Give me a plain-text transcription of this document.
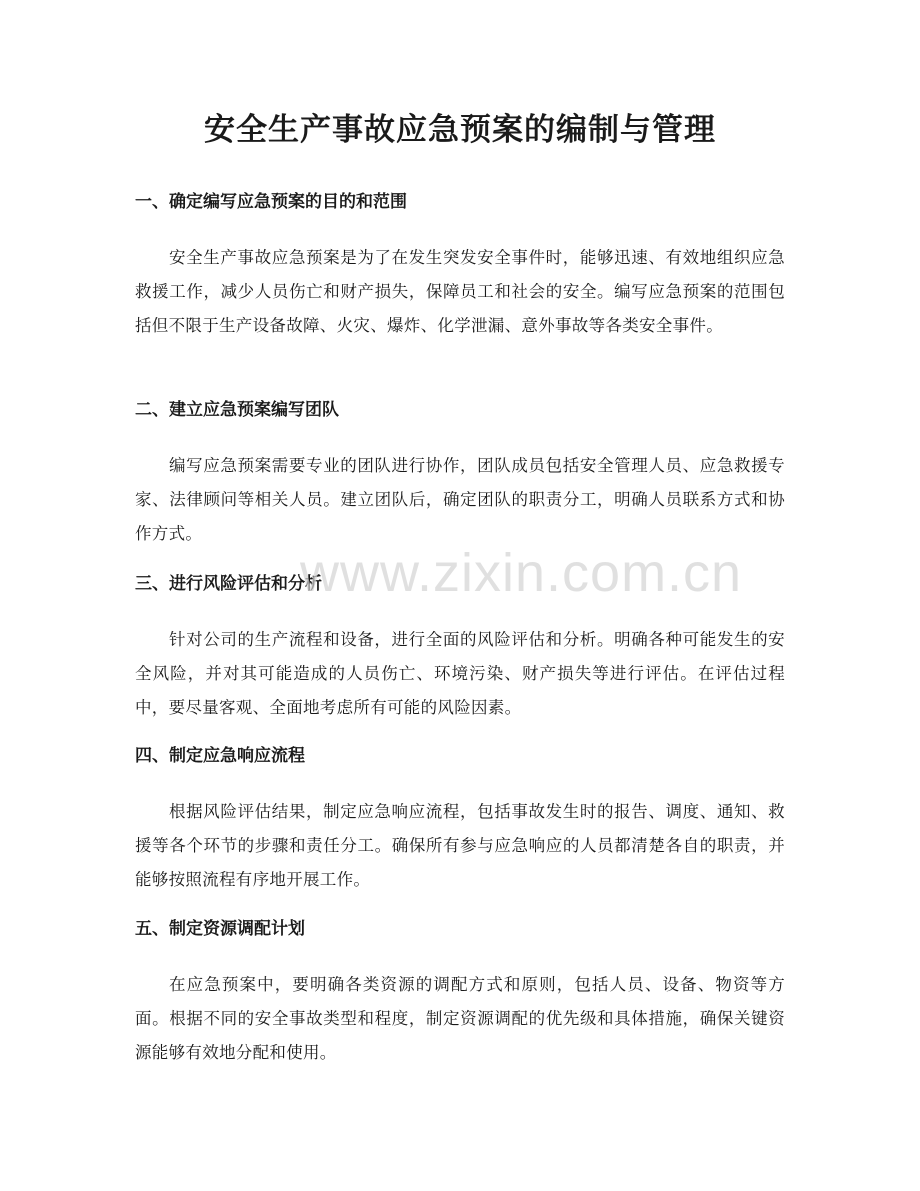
安全生产事故应急预案的编制与管理
一、确定编写应急预案的目的和范围

安全生产事故应急预案是为了在发生突发安全事件时，能够迅速、有效地组织应急救援工作，减少人员伤亡和财产损失，保障员工和社会的安全。编写应急预案的范围包括但不限于生产设备故障、火灾、爆炸、化学泄漏、意外事故等各类安全事件。

二、建立应急预案编写团队

编写应急预案需要专业的团队进行协作，团队成员包括安全管理人员、应急救援专家、法律顾问等相关人员。建立团队后，确定团队的职责分工，明确人员联系方式和协作方式。

三、进行风险评估和分析

针对公司的生产流程和设备，进行全面的风险评估和分析。明确各种可能发生的安全风险，并对其可能造成的人员伤亡、环境污染、财产损失等进行评估。在评估过程中，要尽量客观、全面地考虑所有可能的风险因素。

四、制定应急响应流程

根据风险评估结果，制定应急响应流程，包括事故发生时的报告、调度、通知、救援等各个环节的步骤和责任分工。确保所有参与应急响应的人员都清楚各自的职责，并能够按照流程有序地开展工作。

五、制定资源调配计划

在应急预案中，要明确各类资源的调配方式和原则，包括人员、设备、物资等方面。根据不同的安全事故类型和程度，制定资源调配的优先级和具体措施，确保关键资源能够有效地分配和使用。

www.zixin.com.cn
